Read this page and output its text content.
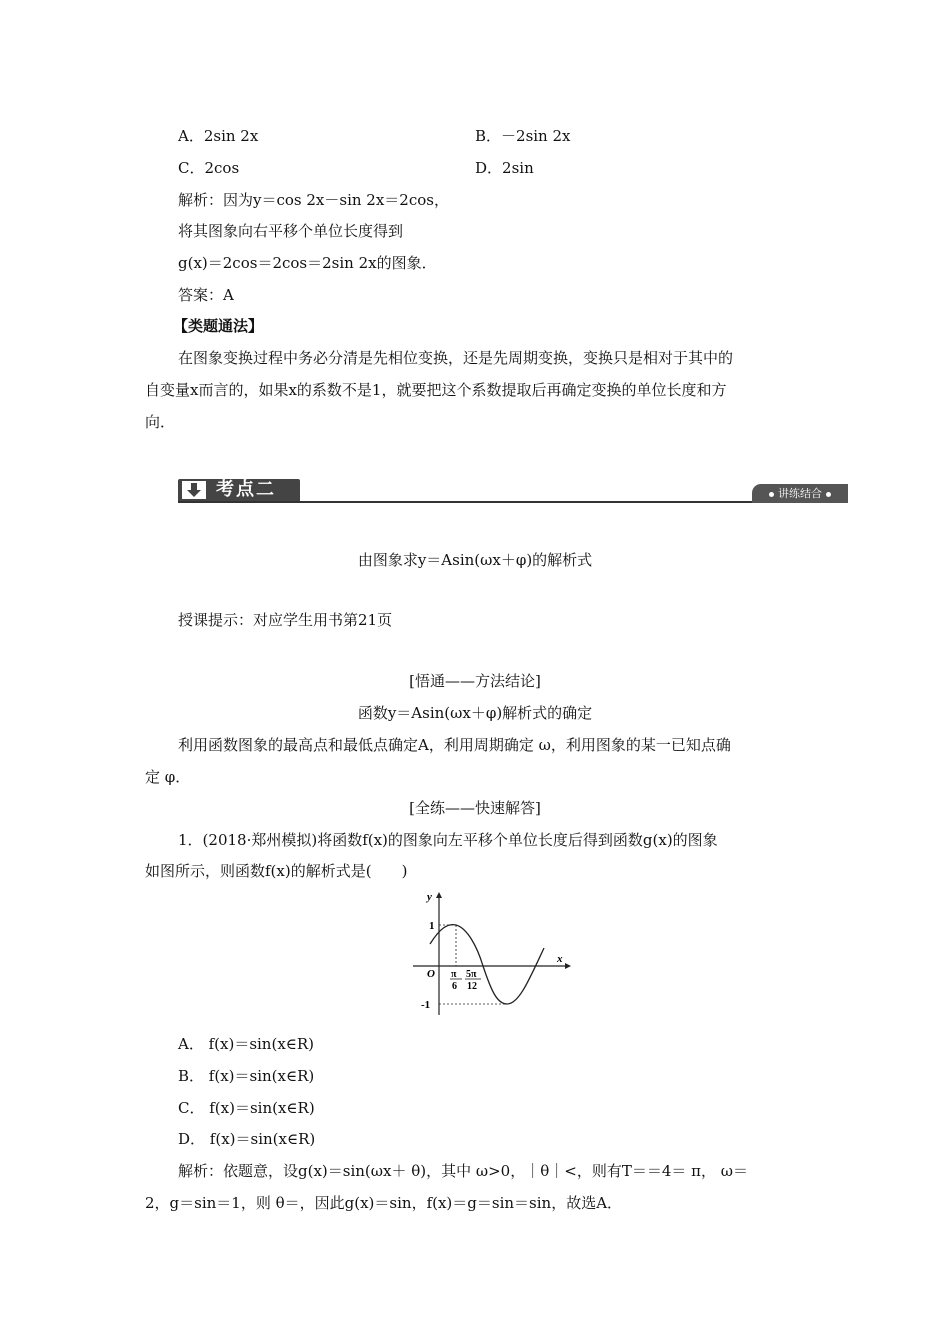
A．2sin 2x	B．－2sin 2x
C．2cos	D．2sin
解析：因为y＝cos 2x－sin 2x＝2cos，
将其图象向右平移个单位长度得到
g(x)＝2cos＝2cos＝2sin 2x的图象．
答案：A
【类题通法】
在图象变换过程中务必分清是先相位变换，还是先周期变换，变换只是相对于其中的
自变量x而言的，如果x的系数不是1，就要把这个系数提取后再确定变换的单位长度和方
向．
考点二	讲练结合
由图象求y＝Asin(ωx＋φ)的解析式
授课提示：对应学生用书第21页
[悟通——方法结论]
函数y＝Asin(ωx＋φ)解析式的确定
利用函数图象的最高点和最低点确定A，利用周期确定 ω，利用图象的某一已知点确
定 φ．
[全练——快速解答]
1．(2018·郑州模拟)将函数f(x)的图象向左平移个单位长度后得到函数g(x)的图象
如图所示，则函数f(x)的解析式是(　　)
y
x
O
1
-1
π
6
5π
12
A． f(x)＝sin(x∈R)
B． f(x)＝sin(x∈R)
C． f(x)＝sin(x∈R)
D． f(x)＝sin(x∈R)
解析：依题意，设g(x)＝sin(ωx＋ θ)，其中 ω>0，｜θ｜<，则有T＝＝4＝ π， ω＝
2，g＝sin＝1，则 θ＝，因此g(x)＝sin，f(x)＝g＝sin＝sin，故选A．
